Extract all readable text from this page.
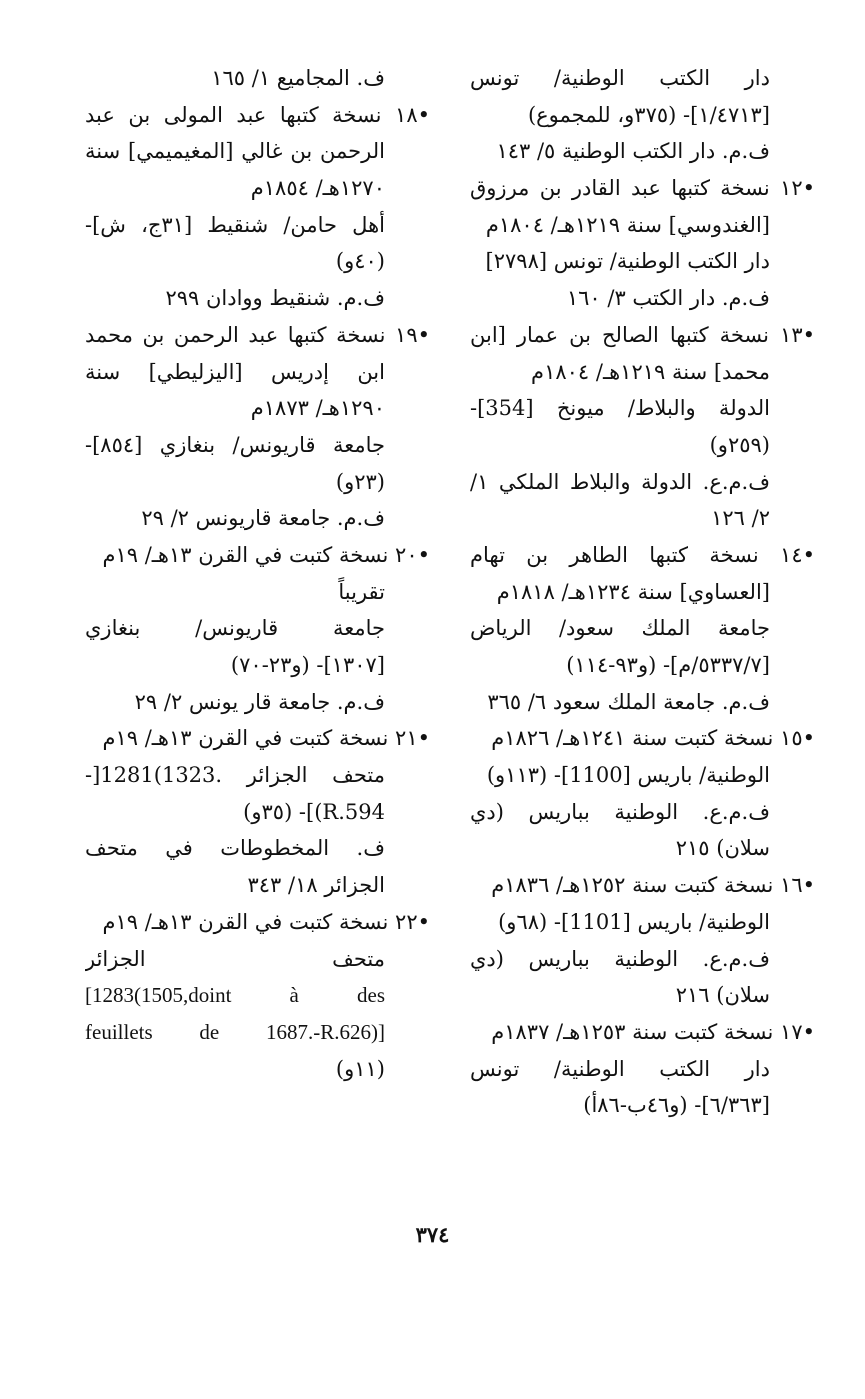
دار الكتب الوطنية/ تونس
[١/٤٧١٣]- (٣٧٥و، للمجموع)
ف.م. دار الكتب الوطنية ٥/ ١٤٣
•١٢ نسخة كتبها عبد القادر بن مرزوق
[الغندوسي] سنة ١٢١٩هـ/ ١٨٠٤م
دار الكتب الوطنية/ تونس [٢٧٩٨]
ف.م. دار الكتب ٣/ ١٦٠
•١٣ نسخة كتبها الصالح بن عمار [ابن
محمد] سنة ١٢١٩هـ/ ١٨٠٤م
الدولة والبلاط/ ميونخ [354]-
(٢٥٩و)
ف.م.ع. الدولة والبلاط الملكي ١/
٢/ ١٢٦
•١٤ نسخة كتبها الطاهر بن تهام
[العساوي] سنة ١٢٣٤هـ/ ١٨١٨م
جامعة الملك سعود/ الرياض
[٥٣٣٧/٧/م]- (و٩٣-١١٤)
ف.م. جامعة الملك سعود ٦/ ٣٦٥
•١٥ نسخة كتبت سنة ١٢٤١هـ/ ١٨٢٦م
الوطنية/ باريس [1100]- (١١٣و)
ف.م.ع. الوطنية بباريس (دي
سلان) ٢١٥
•١٦ نسخة كتبت سنة ١٢٥٢هـ/ ١٨٣٦م
الوطنية/ باريس [1101]- (٦٨و)
ف.م.ع. الوطنية بباريس (دي
سلان) ٢١٦
•١٧ نسخة كتبت سنة ١٢٥٣هـ/ ١٨٣٧م
دار الكتب الوطنية/ تونس
[٦/٣٦٣]- (و٤٦ب-٨٦أ)
ف. المجاميع ١/ ١٦٥
•١٨ نسخة كتبها عبد المولى بن عبد
الرحمن بن غالي [المغيميمي] سنة
١٢٧٠هـ/ ١٨٥٤م
أهل حامن/ شنقيط [٣١ج، ش]-
(٤٠و)
ف.م. شنقيط ووادان ٢٩٩
•١٩ نسخة كتبها عبد الرحمن بن محمد
ابن إدريس [اليزليطي] سنة
١٢٩٠هـ/ ١٨٧٣م
جامعة قاريونس/ بنغازي [٨٥٤]-
(٢٣و)
ف.م. جامعة قاريونس ٢/ ٢٩
•٢٠ نسخة كتبت في القرن ١٣هـ/ ١٩م
تقريباً
جامعة قاريونس/ بنغازي
[١٣٠٧]- (و٢٣-٧٠)
ف.م. جامعة قار يونس ٢/ ٢٩
•٢١ نسخة كتبت في القرن ١٣هـ/ ١٩م
متحف الجزائر .1323)1281[-
R.594)]- (٣٥و)
ف. المخطوطات في متحف
الجزائر ١٨/ ٣٤٣
•٢٢ نسخة كتبت في القرن ١٣هـ/ ١٩م
متحف الجزائر
[1283(1505,doint à des
feuillets de 1687.-R.626)]
(١١و)
٣٧٤
